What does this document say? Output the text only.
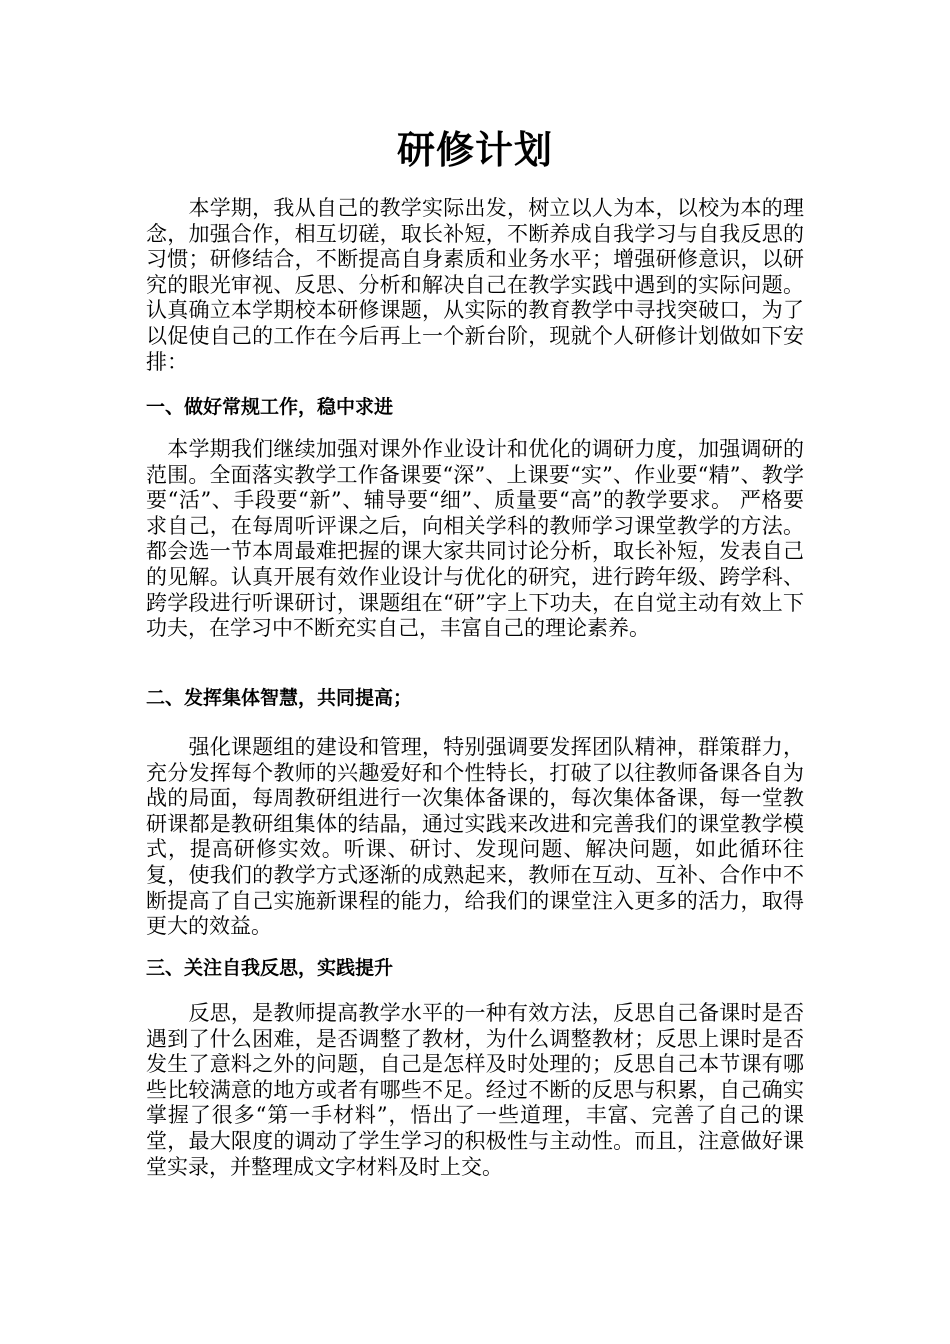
研修计划

　　本学期，我从自己的教学实际出发，树立以人为本，以校为本的理念，加强合作，相互切磋，取长补短，不断养成自我学习与自我反思的习惯；研修结合，不断提高自身素质和业务水平；增强研修意识，以研究的眼光审视、反思、分析和解决自己在教学实践中遇到的实际问题。认真确立本学期校本研修课题，从实际的教育教学中寻找突破口，为了以促使自己的工作在今后再上一个新台阶，现就个人研修计划做如下安排：

一、做好常规工作，稳中求进

　本学期我们继续加强对课外作业设计和优化的调研力度，加强调研的范围。全面落实教学工作备课要“深”、上课要“实”、作业要“精”、教学要“活”、手段要“新”、辅导要“细”、质量要“高”的教学要求。 严格要求自己，在每周听评课之后，向相关学科的教师学习课堂教学的方法。都会选一节本周最难把握的课大家共同讨论分析，取长补短，发表自己的见解。认真开展有效作业设计与优化的研究，进行跨年级、跨学科、跨学段进行听课研讨，课题组在“研”字上下功夫，在自觉主动有效上下功夫，在学习中不断充实自己，丰富自己的理论素养。

二、发挥集体智慧，共同提高；

　　强化课题组的建设和管理，特别强调要发挥团队精神，群策群力，充分发挥每个教师的兴趣爱好和个性特长，打破了以往教师备课各自为战的局面，每周教研组进行一次集体备课的，每次集体备课，每一堂教研课都是教研组集体的结晶，通过实践来改进和完善我们的课堂教学模式，提高研修实效。听课、研讨、发现问题、解决问题，如此循环往复，使我们的教学方式逐渐的成熟起来，教师在互动、互补、合作中不断提高了自己实施新课程的能力，给我们的课堂注入更多的活力，取得更大的效益。

三、关注自我反思，实践提升

　　反思，是教师提高教学水平的一种有效方法，反思自己备课时是否遇到了什么困难，是否调整了教材，为什么调整教材；反思上课时是否发生了意料之外的问题，自己是怎样及时处理的；反思自己本节课有哪些比较满意的地方或者有哪些不足。经过不断的反思与积累，自己确实掌握了很多“第一手材料”，悟出了一些道理，丰富、完善了自己的课堂，最大限度的调动了学生学习的积极性与主动性。而且，注意做好课堂实录，并整理成文字材料及时上交。
